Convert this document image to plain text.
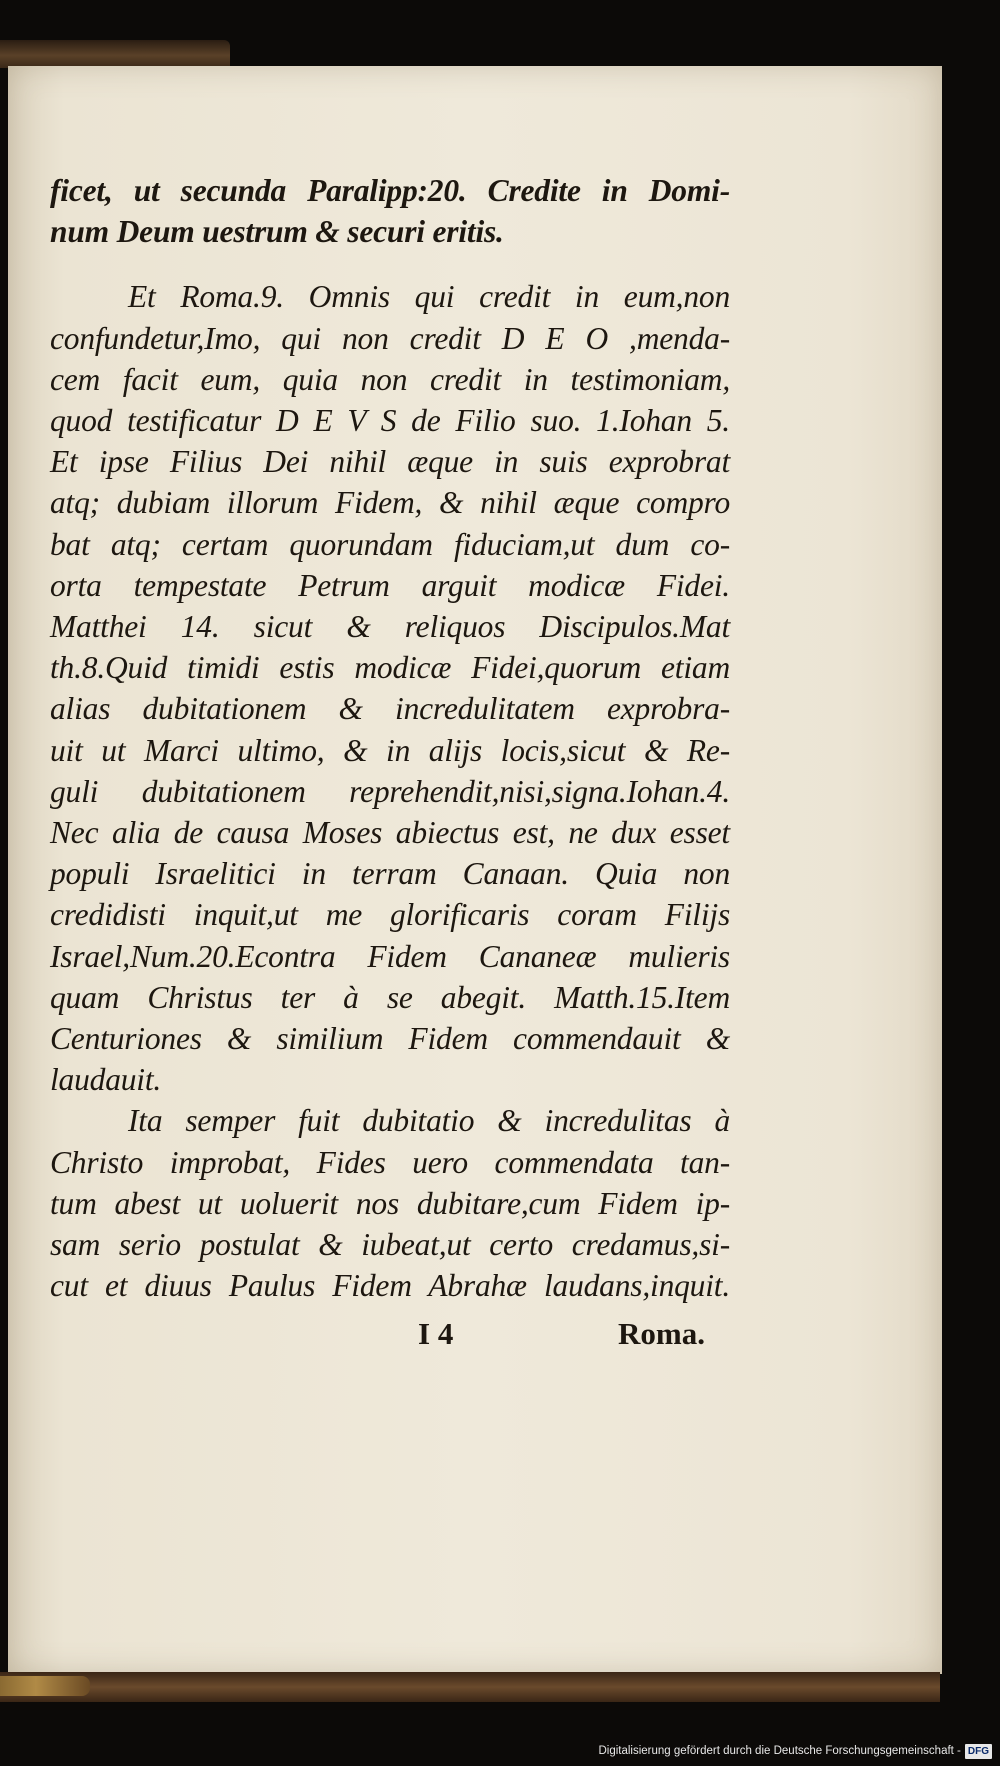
ficet, ut secunda Paralipp:20. Credite in Domi-
num Deum uestrum & securi eritis.
Et Roma.9. Omnis qui credit in eum,non
confundetur,Imo, qui non credit D E O ,menda-
cem facit eum, quia non credit in testimoniam,
quod testificatur D E V S de Filio suo. 1.Iohan 5.
Et ipse Filius Dei nihil æque in suis exprobrat
atq; dubiam illorum Fidem, & nihil æque compro
bat atq; certam quorundam fiduciam,ut dum co-
orta tempestate Petrum arguit modicæ Fidei.
Matthei 14. sicut & reliquos Discipulos.Mat
th.8.Quid timidi estis modicæ Fidei,quorum etiam
alias dubitationem & incredulitatem exprobra-
uit ut Marci ultimo, & in alijs locis,sicut & Re-
guli dubitationem reprehendit,nisi,signa.Iohan.4.
Nec alia de causa Moses abiectus est, ne dux esset
populi Israelitici in terram Canaan. Quia non
credidisti inquit,ut me glorificaris coram Filijs
Israel,Num.20.Econtra Fidem Cananeæ mulieris
quam Christus ter à se abegit. Matth.15.Item
Centuriones & similium Fidem commendauit &
laudauit.
Ita semper fuit dubitatio & incredulitas à
Christo improbat, Fides uero commendata tan-
tum abest ut uoluerit nos dubitare,cum Fidem ip-
sam serio postulat & iubeat,ut certo credamus,si-
cut et diuus Paulus Fidem Abrahæ laudans,inquit.
I 4	Roma.
Digitalisierung gefördert durch die Deutsche Forschungsgemeinschaft - DFG
